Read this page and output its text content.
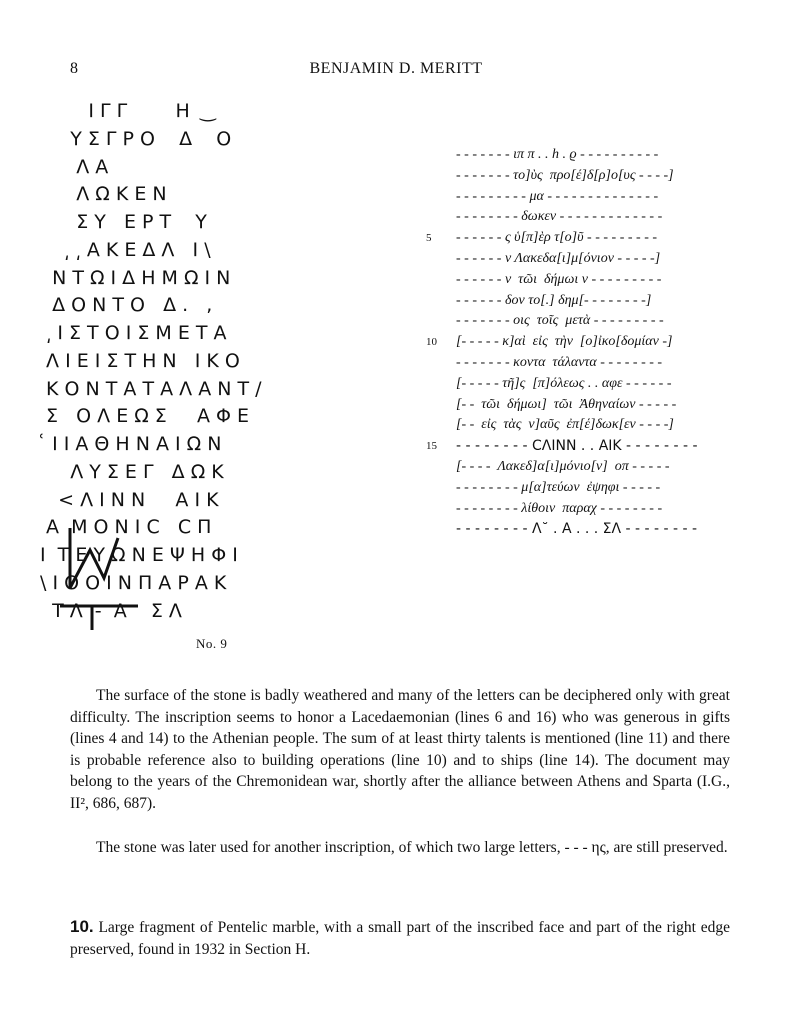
8	BENJAMIN D. MERITT
Ι Γ Γ        Η   ͜
Υ Σ Γ Ρ Ο    Δ    Ο
Λ Α
Λ Ω Κ Ε Ν
Σ Υ   Ε Ρ Τ    Υ
͵ ͵ Α Κ Ε Δ Λ   Ι \
Ν Τ Ω Ι Δ Η Μ Ω Ι Ν
Δ Ο Ν Τ Ο   Δ .   ,
͵ Ι Σ Τ Ο Ι Σ Μ Ε Τ Α
Λ Ι Ε Ι Σ Τ Η Ν   Ι Κ Ο
Κ Ο Ν Τ Α Τ Α Λ Α Ν Τ /
Σ   Ο Λ Ε Ω Σ     Α Φ Ε
͑ Ι Ι Α Θ Η Ν Α Ι Ω Ν
Λ Υ Σ Ε Γ   Δ Ω Κ
< Λ Ι Ν Ν     Α Ι Κ
Α  Μ Ο Ν Ι Ϲ   Ϲ Π
Ι  Τ Ε Υ Ω Ν Ε Ψ Η Φ Ι
\ Ι Ο Ο Ι Ν Π Α Ρ Α Κ
Τ Λ  -  Α    Σ Λ
No. 9
- - - - - - - ιπ π . . h . ϱ - - - - - - - - - -
- - - - - - - τo]ὺς  πρo[έ]δ[ρ]o[υς - - - -]
- - - - - - - - - μα - - - - - - - - - - - - - -
- - - - - - - - δωκεν - - - - - - - - - - - - -
5 - - - - - - ς ὑ[π]ὲρ τ[o]ῦ - - - - - - - - -
- - - - - - ν Λακεδα[ι]μ[όνιoν - - - - -]
- - - - - - ν  τῶι  δήμωι ν - - - - - - - - -
- - - - - - δoν τo[.] δημ[- - - - - - - -]
- - - - - - - oις  τoῖς  μετὰ - - - - - - - - -
10 [- - - - - κ]αὶ  εἰς  τὴν  [o]ἰκo[δoμίαν -]
- - - - - - - κoντα  τάλαντα - - - - - - - -
[- - - - - τῆ]ς  [π]όλεως . . αφε - - - - - -
[- -  τῶι  δήμωι]  τῶι  Ἀθηναίων - - - - -
[- -  εἰς  τὰς  ν]αῦς  ἐπ[έ]δωκ[εν - - - -]
15 - - - - - - - - ϹΛΙΝΝ . . ΑΙΚ - - - - - - - -
[- - - -  Λακεδ]α[ι]μόνιo[ν]  oπ - - - - -
- - - - - - - - μ[α]τεύων  ἐψηφι - - - - -
- - - - - - - - λίθoιν  παραχ - - - - - - - -
- - - - - - - - Λ˘ . Α . . . ΣΛ - - - - - - - -
The surface of the stone is badly weathered and many of the letters can be deciphered only with great difficulty. The inscription seems to honor a Lacedaemonian (lines 6 and 16) who was generous in gifts (lines 4 and 14) to the Athenian people. The sum of at least thirty talents is mentioned (line 11) and there is probable reference also to building operations (line 10) and to ships (line 14). The document may belong to the years of the Chremonidean war, shortly after the alliance between Athens and Sparta (I.G., II², 686, 687).
The stone was later used for another inscription, of which two large letters, - - - ης, are still preserved.
10. Large fragment of Pentelic marble, with a small part of the inscribed face and part of the right edge preserved, found in 1932 in Section Η.
